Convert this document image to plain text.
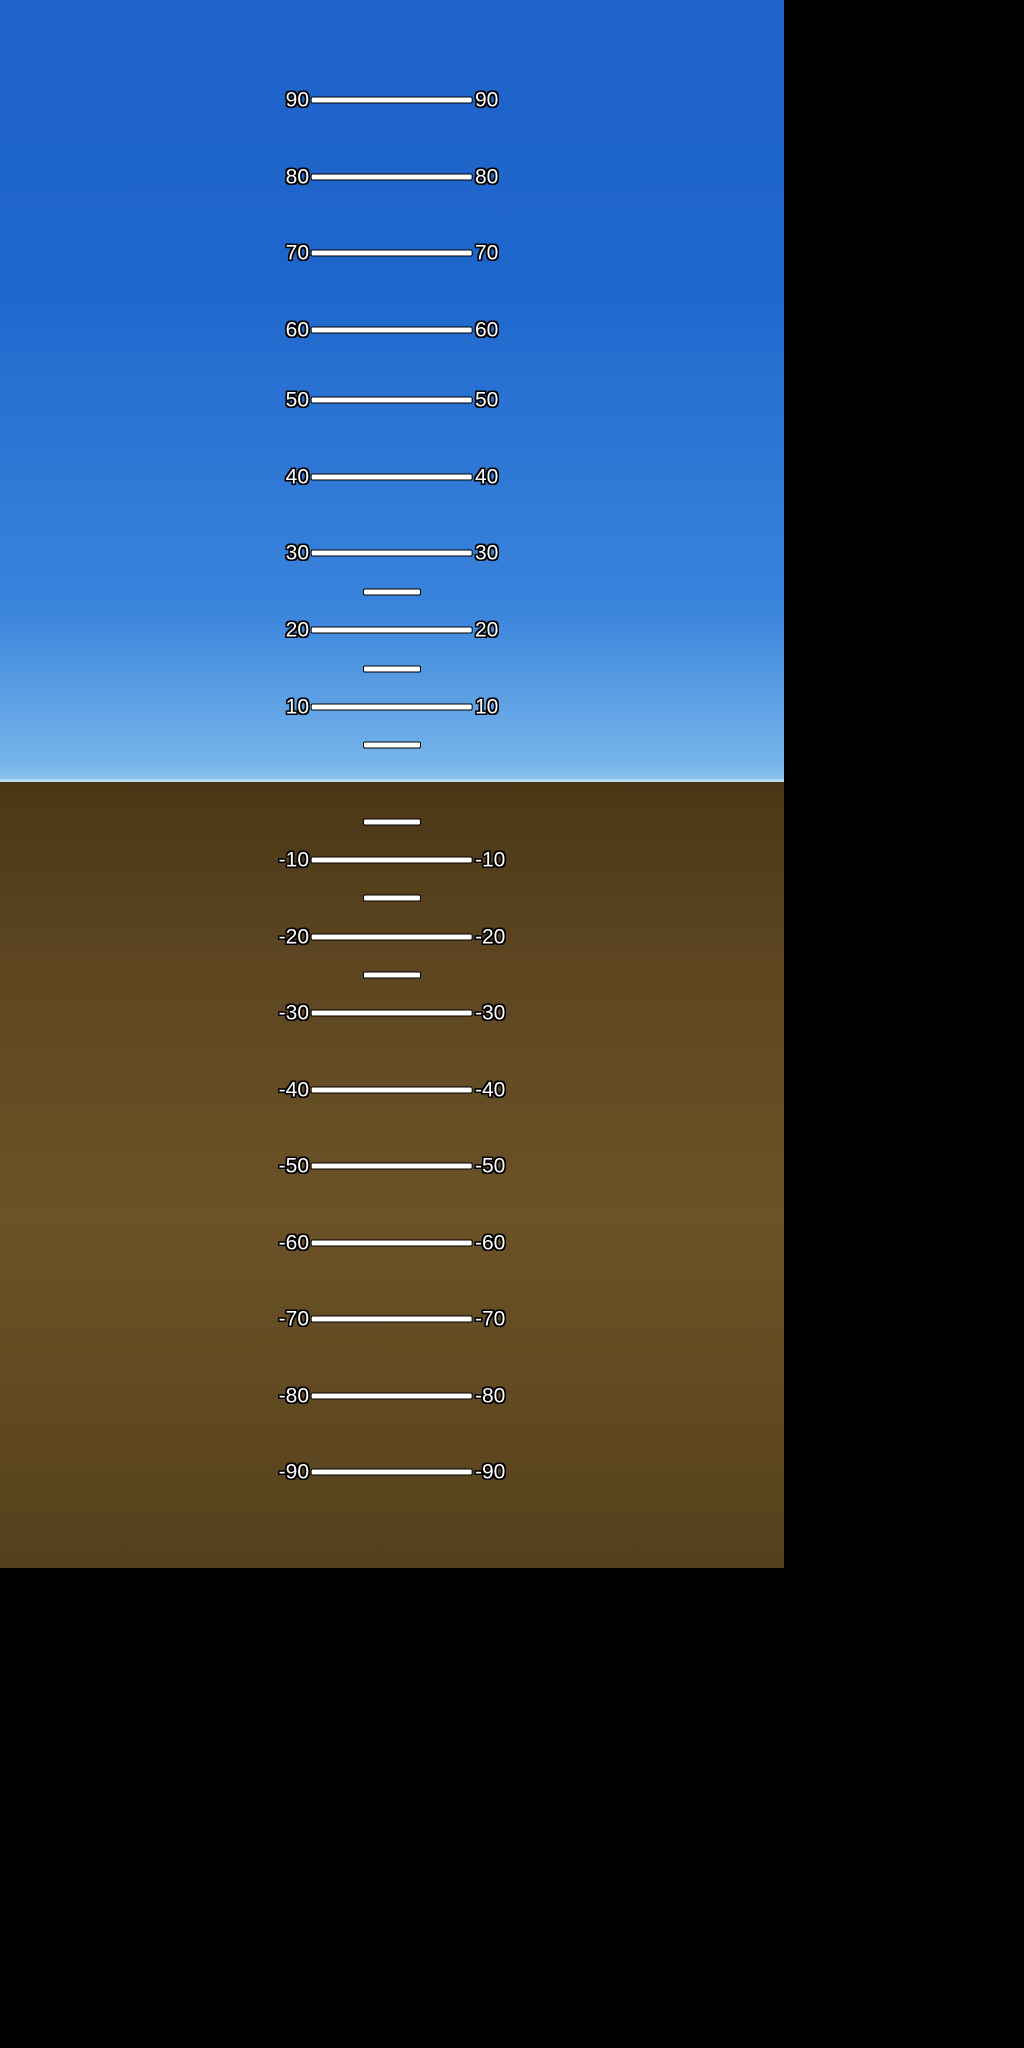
90	90
80	80
70	70
60	60
50	50
40	40
30	30
20	20
10	10
-10	-10
-20	-20
-30	-30
-40	-40
-50	-50
-60	-60
-70	-70
-80	-80
-90	-90
